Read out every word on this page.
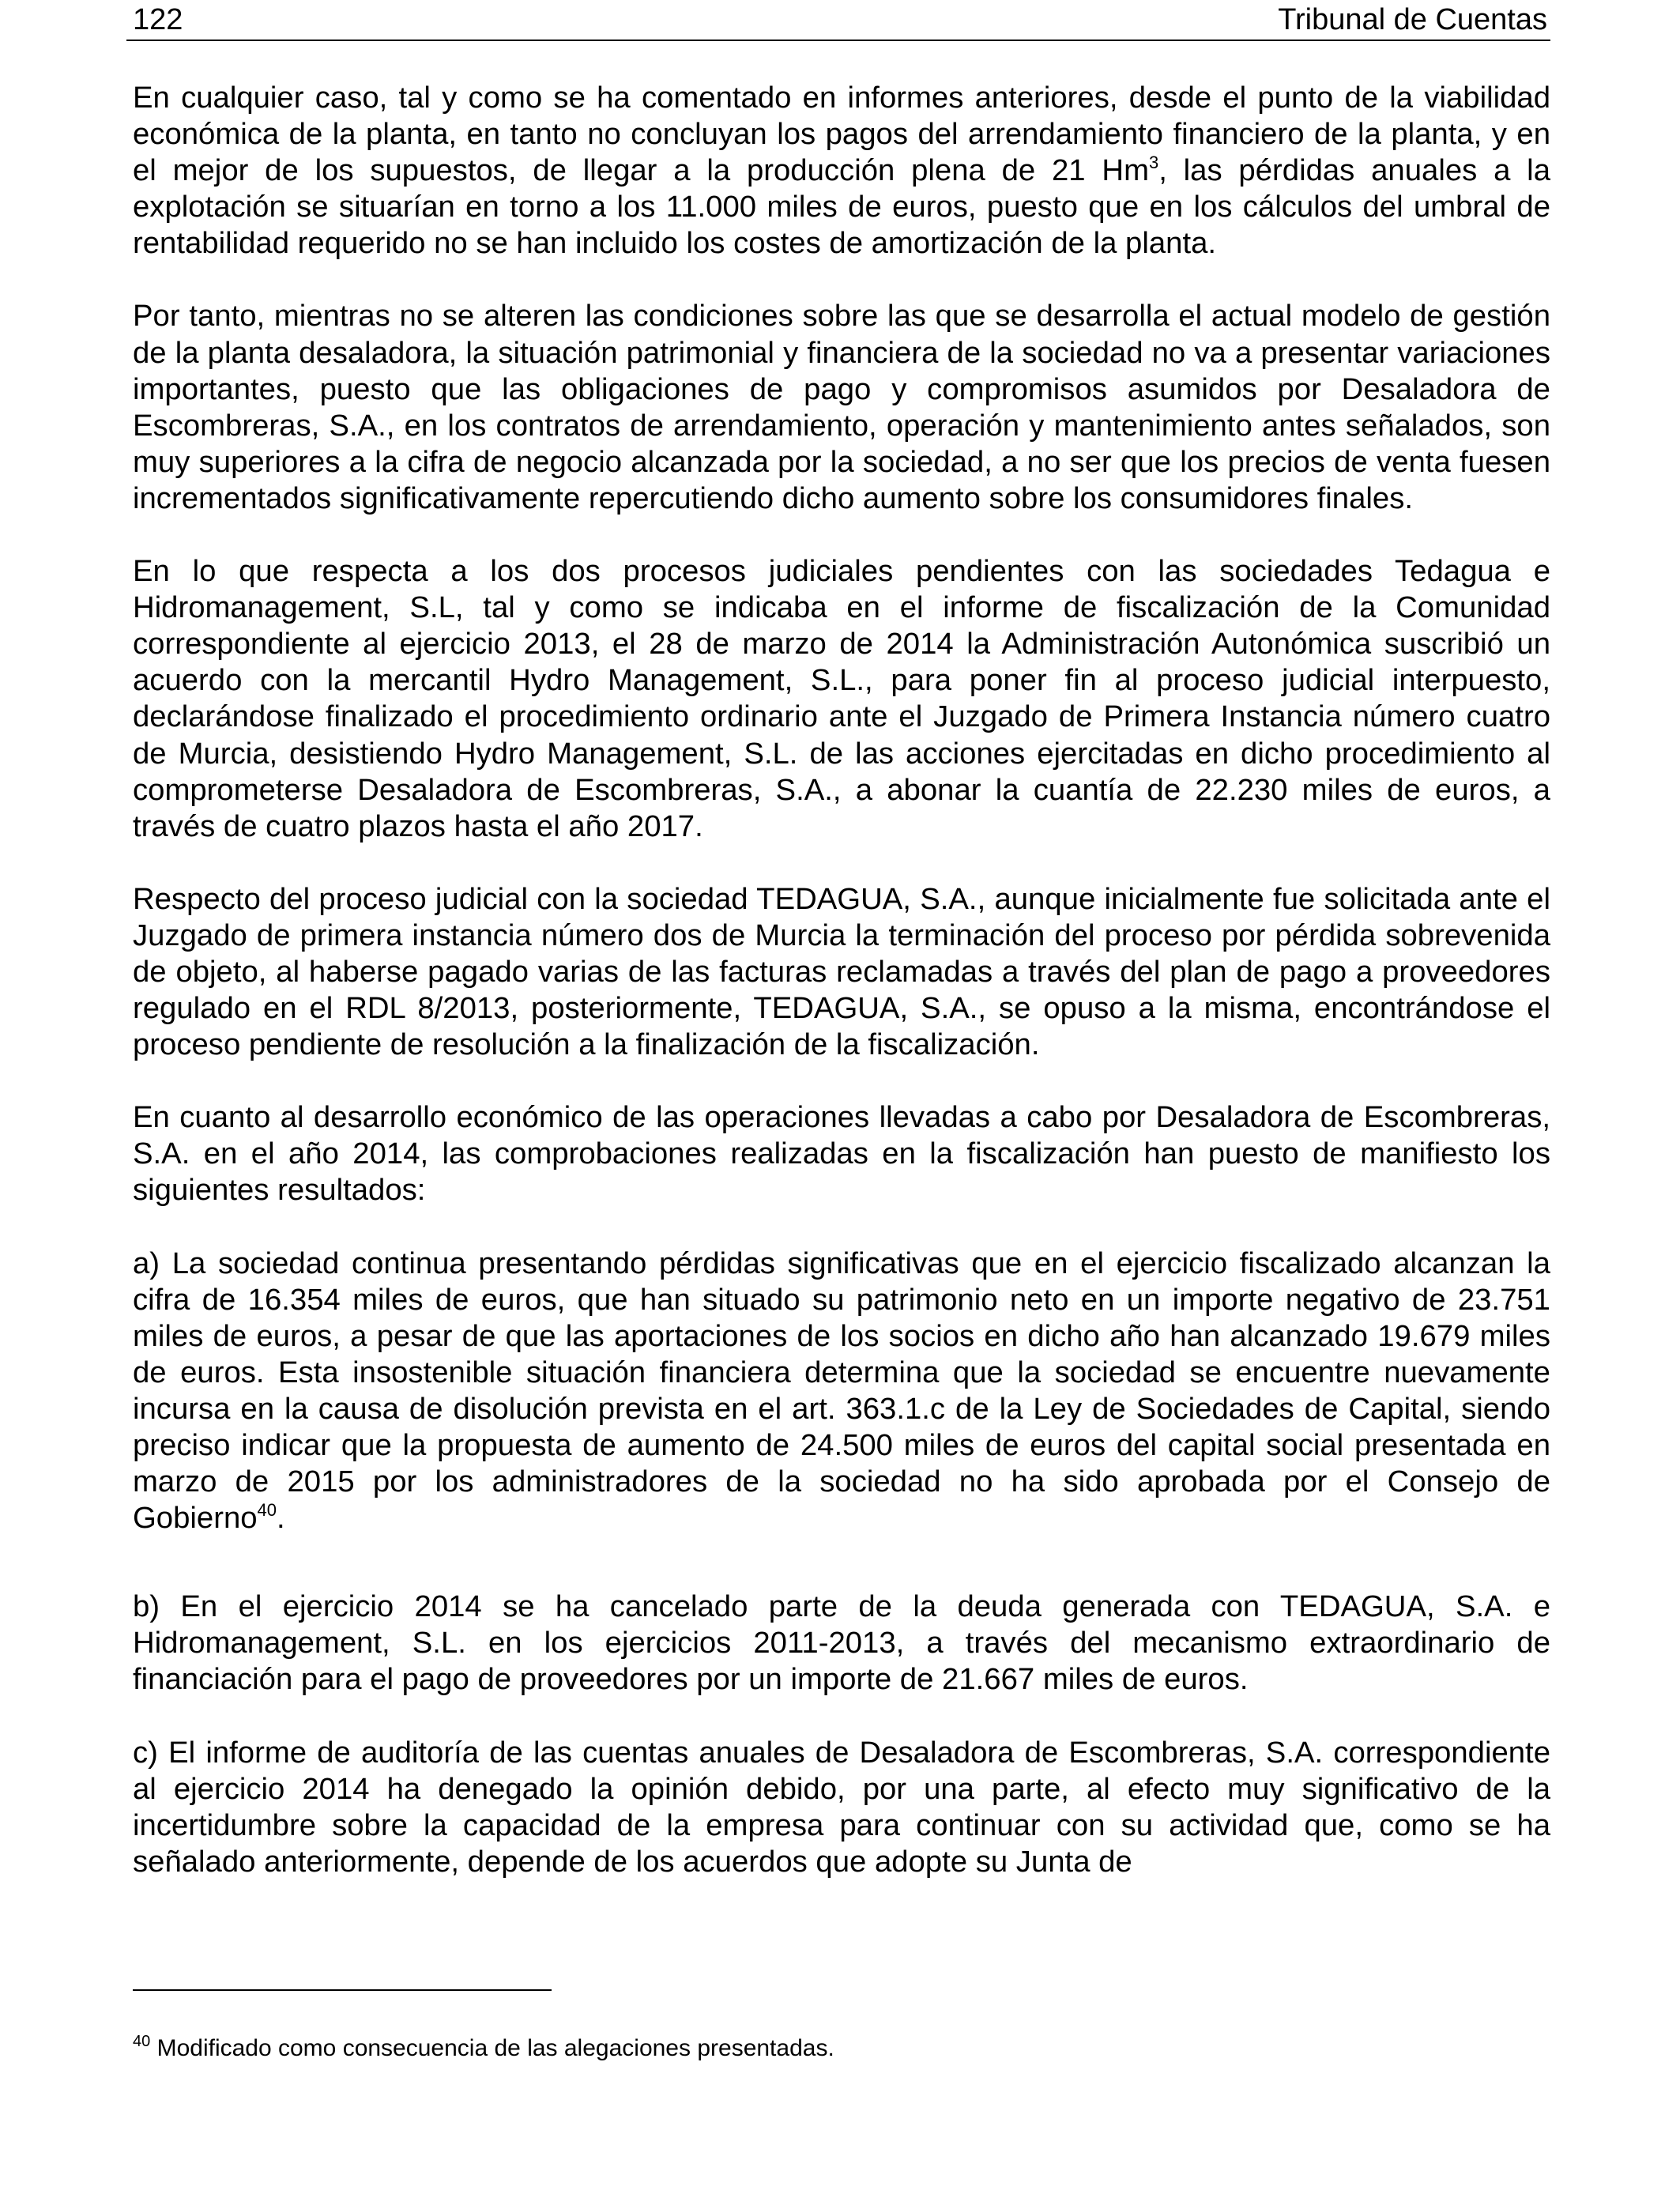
122	Tribunal de Cuentas

En cualquier caso, tal y como se ha comentado en informes anteriores, desde el punto de la viabilidad económica de la planta, en tanto no concluyan los pagos del arrendamiento financiero de la planta, y en el mejor de los supuestos, de llegar a la producción plena de 21 Hm$^3$, las pérdidas anuales a la explotación se situarían en torno a los 11.000 miles de euros, puesto que en los cálculos del umbral de rentabilidad requerido no se han incluido los costes de amortización de la planta.

Por tanto, mientras no se alteren las condiciones sobre las que se desarrolla el actual modelo de gestión de la planta desaladora, la situación patrimonial y financiera de la sociedad no va a presentar variaciones importantes, puesto que las obligaciones de pago y compromisos asumidos por Desaladora de Escombreras, S.A., en los contratos de arrendamiento, operación y mantenimiento antes señalados, son muy superiores a la cifra de negocio alcanzada por la sociedad, a no ser que los precios de venta fuesen incrementados significativamente repercutiendo dicho aumento sobre los consumidores finales.

En lo que respecta a los dos procesos judiciales pendientes con las sociedades Tedagua e Hidromanagement, S.L, tal y como se indicaba en el informe de fiscalización de la Comunidad correspondiente al ejercicio 2013, el 28 de marzo de 2014 la Administración Autonómica suscribió un acuerdo con la mercantil Hydro Management, S.L., para poner fin al proceso judicial interpuesto, declarándose finalizado el procedimiento ordinario ante el Juzgado de Primera Instancia número cuatro de Murcia, desistiendo Hydro Management, S.L. de las acciones ejercitadas en dicho procedimiento al comprometerse Desaladora de Escombreras, S.A., a abonar la cuantía de 22.230 miles de euros, a través de cuatro plazos hasta el año 2017.

Respecto del proceso judicial con la sociedad TEDAGUA, S.A., aunque inicialmente fue solicitada ante el Juzgado de primera instancia número dos de Murcia la terminación del proceso por pérdida sobrevenida de objeto, al haberse pagado varias de las facturas reclamadas a través del plan de pago a proveedores regulado en el RDL 8/2013, posteriormente, TEDAGUA, S.A., se opuso a la misma, encontrándose el proceso pendiente de resolución a la finalización de la fiscalización.

En cuanto al desarrollo económico de las operaciones llevadas a cabo por Desaladora de Escombreras, S.A. en el año 2014, las comprobaciones realizadas en la fiscalización han puesto de manifiesto los siguientes resultados:

a) La sociedad continua presentando pérdidas significativas que en el ejercicio fiscalizado alcanzan la cifra de 16.354 miles de euros, que han situado su patrimonio neto en un importe negativo de 23.751 miles de euros, a pesar de que las aportaciones de los socios en dicho año han alcanzado 19.679 miles de euros. Esta insostenible situación financiera determina que la sociedad se encuentre nuevamente incursa en la causa de disolución prevista en el art. 363.1.c de la Ley de Sociedades de Capital, siendo preciso indicar que la propuesta de aumento de 24.500 miles de euros del capital social presentada en marzo de 2015 por los administradores de la sociedad no ha sido aprobada por el Consejo de Gobierno$^{40}$.

b) En el ejercicio 2014 se ha cancelado parte de la deuda generada con TEDAGUA, S.A. e Hidromanagement, S.L. en los ejercicios 2011-2013, a través del mecanismo extraordinario de financiación para el pago de proveedores por un importe de 21.667 miles de euros.

c) El informe de auditoría de las cuentas anuales de Desaladora de Escombreras, S.A. correspondiente al ejercicio 2014 ha denegado la opinión debido, por una parte, al efecto muy significativo de la incertidumbre sobre la capacidad de la empresa para continuar con su actividad que, como se ha señalado anteriormente, depende de los acuerdos que adopte su Junta de

$^{40}$ Modificado como consecuencia de las alegaciones presentadas.
